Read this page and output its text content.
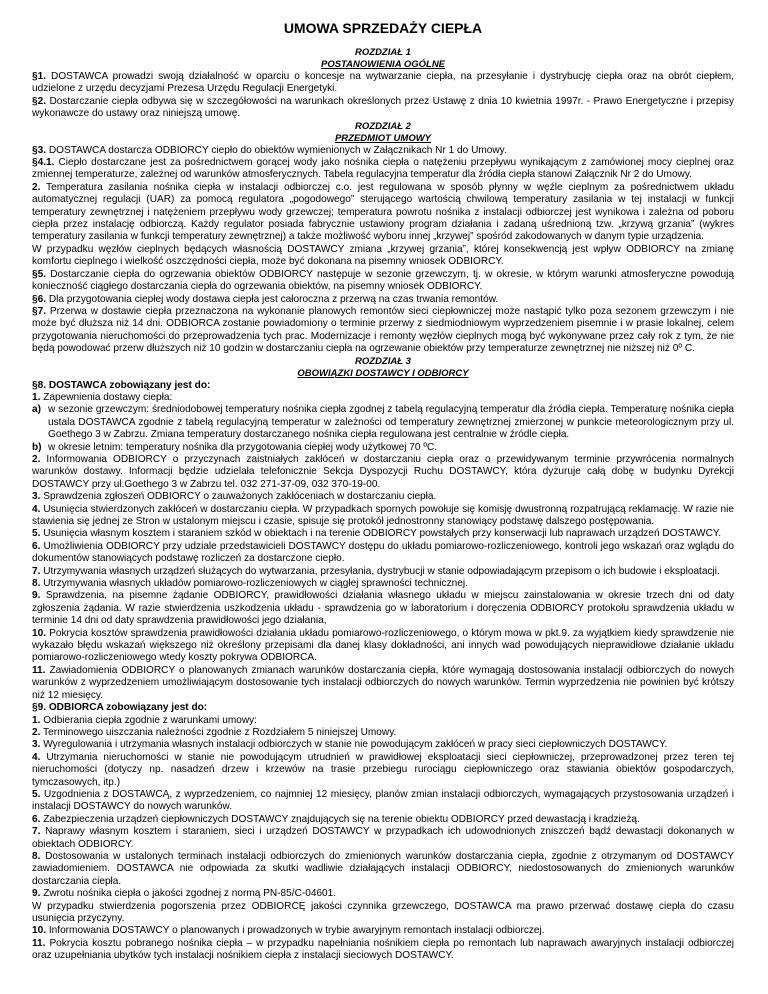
UMOWA SPRZEDAŻY CIEPŁA
ROZDZIAŁ 1
POSTANOWIENIA OGÓLNE

§1. DOSTAWCA prowadzi swoją działalność w oparciu o koncesje na wytwarzanie ciepła, na przesyłanie i dystrybucję ciepła oraz na obrót ciepłem, udzielone z urzędu decyzjami Prezesa Urzędu Regulacji Energetyki.

§2. Dostarczanie ciepła odbywa się w szczegółowości na warunkach określonych przez Ustawę z dnia 10 kwietnia 1997r. - Prawo Energetyczne i przepisy wykonawcze do ustawy oraz niniejszą umowę.

ROZDZIAŁ 2
PRZEDMIOT UMOWY

§3. DOSTAWCA dostarcza ODBIORCY ciepło do obiektów wymienionych w Załącznikach Nr 1 do Umowy.

§4.1. Ciepło dostarczane jest za pośrednictwem gorącej wody jako nośnika ciepła o natężeniu przepływu wynikającym z zamówionej mocy cieplnej oraz zmiennej temperaturze, zależnej od warunków atmosferycznych. Tabela regulacyjna temperatur dla źródła ciepła stanowi Załącznik Nr 2 do Umowy.

2. Temperatura zasilania nośnika ciepła w instalacji odbiorczej c.o. jest regulowana w sposób płynny w węźle cieplnym za pośrednictwem układu automatycznej regulacji (UAR) za pomocą regulatora „pogodowego” sterującego wartością chwilową temperatury zasilania w tej instalacji w funkcji temperatury zewnętrznej i natężeniem przepływu wody grzewczej; temperatura powrotu nośnika z instalacji odbiorczej jest wynikowa i zależna od poboru ciepła przez instalację odbiorczą. Każdy regulator posiada fabrycznie ustawiony program działania i zadaną uśrednioną tzw. „krzywą grzania” (wykres temperatury zasilania w funkcji temperatury zewnętrznej) a także możliwość wyboru innej „krzywej” spośród zakodowanych w danym typie urządzenia.

W przypadku węzłów cieplnych będących własnością DOSTAWCY zmiana „krzywej grzania”, której konsekwencją jest wpływ ODBIORCY na zmianę komfortu cieplnego i wielkość oszczędności ciepła, może być dokonana na pisemny wniosek ODBIORCY.

§5. Dostarczanie ciepła do ogrzewania obiektów ODBIORCY następuje w sezonie grzewczym, tj. w okresie, w którym warunki atmosferyczne powodują konieczność ciągłego dostarczania ciepła do ogrzewania obiektów, na pisemny wniosek ODBIORCY.

§6. Dla przygotowania ciepłej wody dostawa ciepła jest całoroczna z przerwą na czas trwania remontów.

§7. Przerwa w dostawie ciepła przeznaczona na wykonanie planowych remontów sieci ciepłowniczej może nastąpić tylko poza sezonem grzewczym i nie może być dłuższa niż 14 dni. ODBIORCA zostanie powiadomiony o terminie przerwy z siedmiodniowym wyprzedzeniem pisemnie i w prasie lokalnej, celem przygotowania nieruchomości do przeprowadzenia tych prac. Modernizacje i remonty węzłów cieplnych mogą być wykonywane przez cały rok z tym, że nie będą powodować przerw dłuższych niż 10 godzin w dostarczaniu ciepła na ogrzewanie obiektów przy temperaturze zewnętrznej nie niższej niż 0º C.

ROZDZIAŁ 3
OBOWIĄZKI DOSTAWCY I ODBIORCY

§8. DOSTAWCA zobowiązany jest do:

1. Zapewnienia dostawy ciepła:

a) w sezonie grzewczym: średniodobowej temperatury nośnika ciepła zgodnej z tabelą regulacyjną temperatur dla źródła ciepła. Temperaturę nośnika ciepła ustala DOSTAWCA zgodnie z tabelą regulacyjną temperatur w zależności od temperatury zewnętrznej zmierzonej w punkcie meteorologicznym przy ul. Goethego 3 w Zabrzu. Zmiana temperatury dostarczanego nośnika ciepła regulowana jest centralnie w źródle ciepła.
b) w okresie letnim: temperatury nośnika dla przygotowania ciepłej wody użytkowej 70 ºC.

2. Informowania ODBIORCY o przyczynach zaistniałych zakłóceń w dostarczaniu ciepła oraz o przewidywanym terminie przywrócenia normalnych warunków dostawy. Informacji będzie udzielała telefonicznie Sekcja Dyspozycji Ruchu DOSTAWCY, która dyżuruje całą dobę w budynku Dyrekcji DOSTAWCY przy ul.Goethego 3 w Zabrzu tel. 032 271-37-09, 032 370-19-00.

3. Sprawdzenia zgłoszeń ODBIORCY o zauważonych zakłóceniach w dostarczaniu ciepła.

4. Usunięcia stwierdzonych zakłóceń w dostarczaniu ciepła. W przypadkach spornych powołuje się komisję dwustronną rozpatrującą reklamację. W razie nie stawienia się jednej ze Stron w ustalonym miejscu i czasie, spisuje się protokół jednostronny stanowiący podstawę dalszego postępowania.

5. Usunięcia własnym kosztem i staraniem szkód w obiektach i na terenie ODBIORCY powstałych przy konserwacji lub naprawach urządzeń DOSTAWCY.

6. Umożliwienia ODBIORCY przy udziale przedstawicieli DOSTAWCY dostępu do układu pomiarowo-rozliczeniowego, kontroli jego wskazań oraz wglądu do dokumentów stanowiących podstawę rozliczeń za dostarczone ciepło.

7. Utrzymywania własnych urządzeń służących do wytwarzania, przesyłania, dystrybucji w stanie odpowiadającym przepisom o ich budowie i eksploatacji.

8. Utrzymywania własnych układów pomiarowo-rozliczeniowych w ciągłej sprawności technicznej.

9. Sprawdzenia, na pisemne żądanie ODBIORCY, prawidłowości działania własnego układu w miejscu zainstalowania w okresie trzech dni od daty zgłoszenia żądania. W razie stwierdzenia uszkodzenia układu - sprawdzenia go w laboratorium i doręczenia ODBIORCY protokołu sprawdzenia układu w terminie 14 dni od daty sprawdzenia prawidłowości jego działania,

10. Pokrycia kosztów sprawdzenia prawidłowości działania układu pomiarowo-rozliczeniowego, o którym mowa w pkt.9. za wyjątkiem kiedy sprawdzenie nie wykazało błędu wskazań większego niż określony przepisami dla danej klasy dokładności, ani innych wad powodujących nieprawidłowe działanie układu pomiarowo-rozliczeniowego wtedy koszty pokrywa ODBIORCA.

11. Zawiadomienia ODBIORCY o planowanych zmianach warunków dostarczania ciepła, które wymagają dostosowania instalacji odbiorczych do nowych warunków z wyprzedzeniem umożliwiającym dostosowanie tych instalacji odbiorczych do nowych warunków. Termin wyprzedzenia nie powinien być krótszy niż 12 miesięcy.

§9. ODBIORCA zobowiązany jest do:

1. Odbierania ciepła zgodnie z warunkami umowy:

2. Terminowego uiszczania należności zgodnie z Rozdziałem 5 niniejszej Umowy.

3. Wyregulowania i utrzymania własnych instalacji odbiorczych w stanie nie powodującym zakłóceń w pracy sieci ciepłowniczych DOSTAWCY.

4. Utrzymania nieruchomości w stanie nie powodującym utrudnień w prawidłowej eksploatacji sieci ciepłowniczej, przeprowadzonej przez teren tej nieruchomości (dotyczy np. nasadzeń drzew i krzewów na trasie przebiegu rurociągu ciepłowniczego oraz stawiania obiektów gospodarczych, tymczasowych, itp.)

5. Uzgodnienia z DOSTAWCĄ, z wyprzedzeniem, co najmniej 12 miesięcy, planów zmian instalacji odbiorczych, wymagających przystosowania urządzeń i instalacji DOSTAWCY do nowych warunków.

6. Zabezpieczenia urządzeń ciepłowniczych DOSTAWCY znajdujących się na terenie obiektu ODBIORCY przed dewastacją i kradzieżą.

7. Naprawy własnym kosztem i staraniem, sieci i urządzeń DOSTAWCY w przypadkach ich udowodnionych zniszczeń bądź dewastacji dokonanych w obiektach ODBIORCY.

8. Dostosowania w ustalonych terminach instalacji odbiorczych do zmienionych warunków dostarczania ciepła, zgodnie z otrzymanym od DOSTAWCY zawiadomieniem. DOSTAWCA nie odpowiada za skutki wadliwie działających instalacji ODBIORCY, niedostosowanych do zmienionych warunków dostarczania ciepła.

9. Zwrotu nośnika ciepła o jakości zgodnej z normą PN-85/C-04601.

W przypadku stwierdzenia pogorszenia przez ODBIORCĘ jakości czynnika grzewczego, DOSTAWCA ma prawo przerwać dostawę ciepła do czasu usunięcia przyczyny.

10. Informowania DOSTAWCY o planowanych i prowadzonych w trybie awaryjnym remontach instalacji odbiorczej.

11. Pokrycia kosztu pobranego nośnika ciepła – w przypadku napełniania nośnikiem ciepła po remontach lub naprawach awaryjnych instalacji odbiorczej oraz uzupełniania ubytków tych instalacji nośnikiem ciepła z instalacji sieciowych DOSTAWCY.
